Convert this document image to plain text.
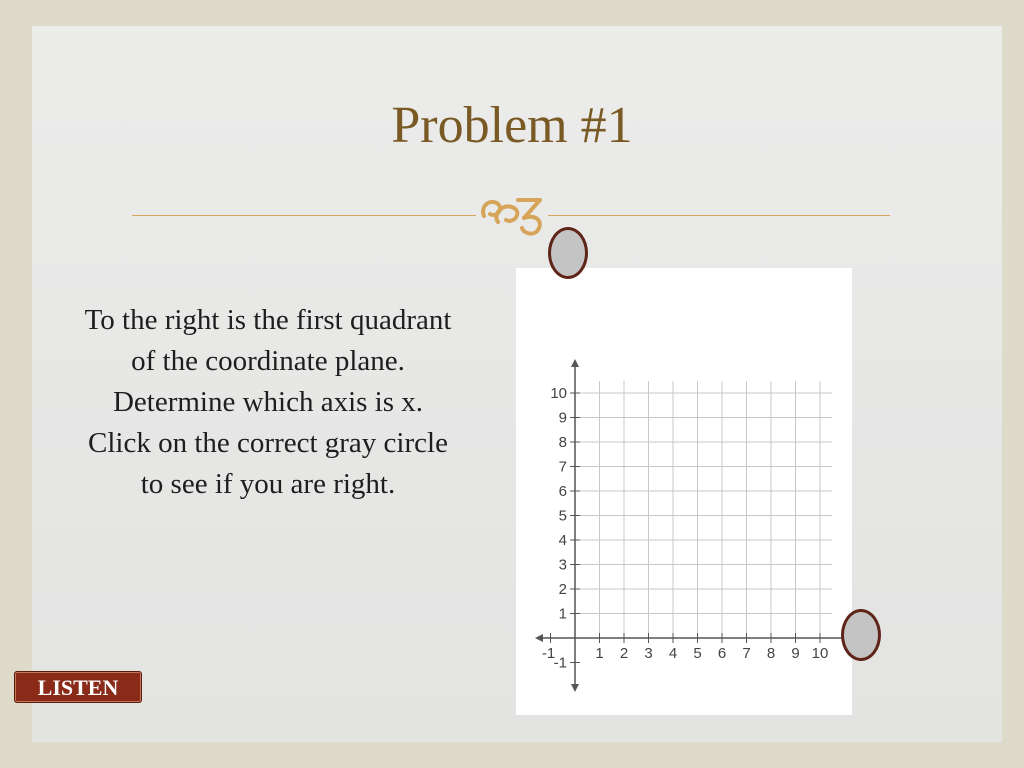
Problem #1
To the right is the first quadrant of the coordinate plane. Determine which axis is x. Click on the correct gray circle to see if you are right.
-1	1 2 3 4 5 6 7 8 9 10
10
9
8
7
6
5
4
3
2
1
-1
LISTEN
